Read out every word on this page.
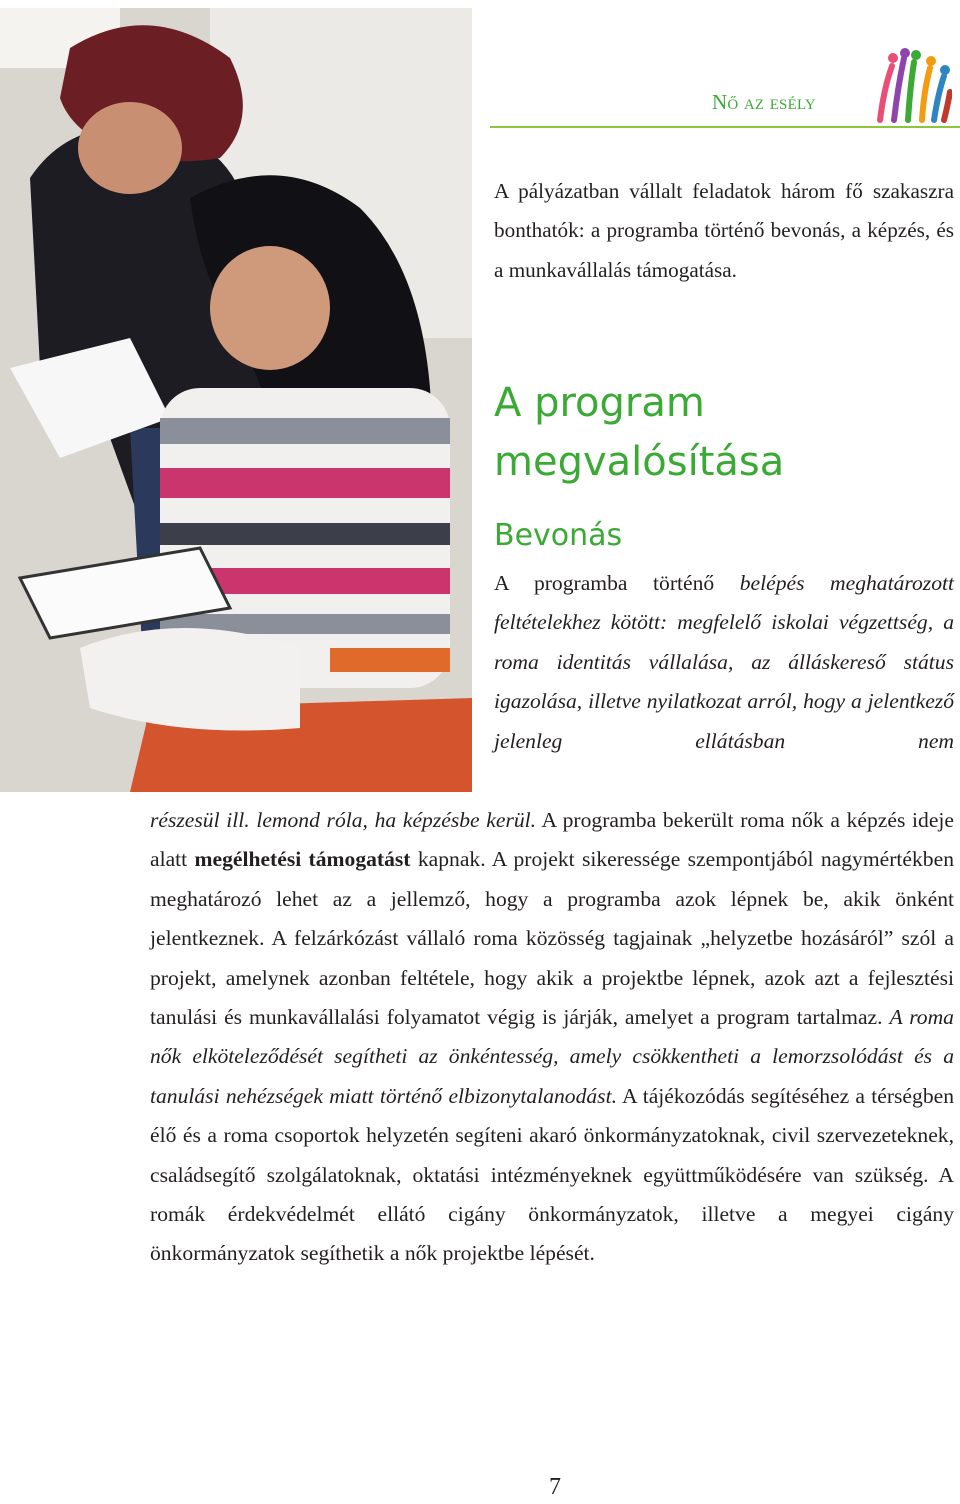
Nő az esély

A pályázatban vállalt feladatok három fő szakaszra bonthatók: a programba történő bevonás, a képzés, és a munkavállalás támogatása.

A program
megvalósítása
Bevonás

A programba történő belépés meghatározott feltételekhez kötött: megfelelő iskolai végzettség, a roma identitás vállalása, az álláskereső státus igazolása, illetve nyilatkozat arról, hogy a jelentkező jelenleg ellátásban nem

részesül ill. lemond róla, ha képzésbe kerül. A programba bekerült roma nők a képzés ideje alatt megélhetési támogatást kapnak. A projekt sikeressége szempontjából nagymértékben meghatározó lehet az a jellemző, hogy a programba azok lépnek be, akik önként jelentkeznek. A felzárkózást vállaló roma közösség tagjainak „helyzetbe hozásáról” szól a projekt, amelynek azonban feltétele, hogy akik a projektbe lépnek, azok azt a fejlesztési tanulási és munkavállalási folyamatot végig is járják, amelyet a program tartalmaz. A roma nők elköteleződését segítheti az önkéntesség, amely csökkentheti a lemorzsolódást és a tanulási nehézségek miatt történő elbizonytalanodást. A tájékozódás segítéséhez a térségben élő és a roma csoportok helyzetén segíteni akaró önkormányzatoknak, civil szervezeteknek, családsegítő szolgálatoknak, oktatási intézményeknek együttműködésére van szükség. A romák érdekvédelmét ellátó cigány önkormányzatok, illetve a megyei cigány önkormányzatok segíthetik a nők projektbe lépését.

7
